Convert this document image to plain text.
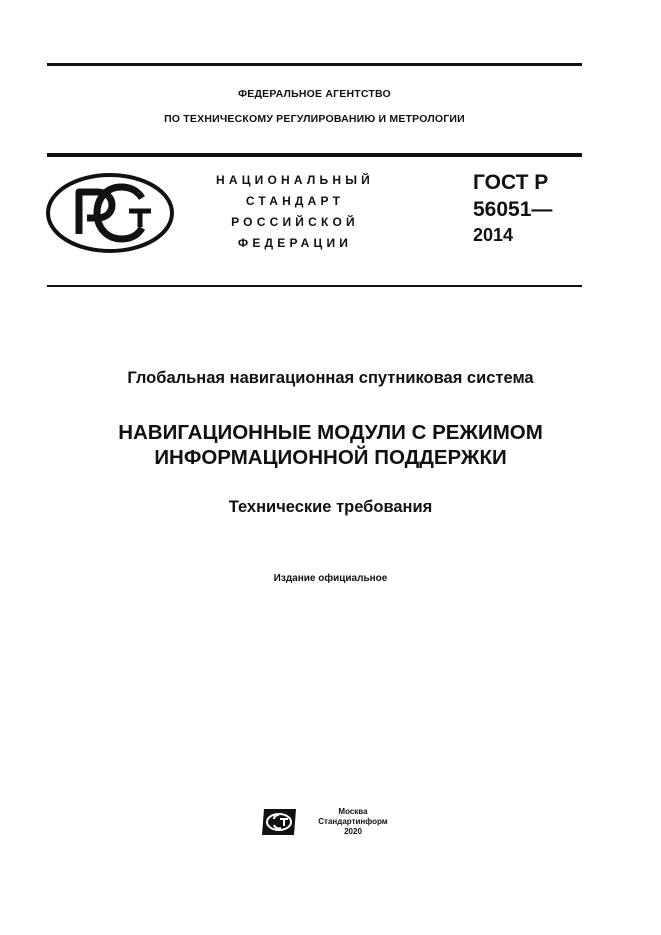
ФЕДЕРАЛЬНОЕ АГЕНТСТВО
ПО ТЕХНИЧЕСКОМУ РЕГУЛИРОВАНИЮ И МЕТРОЛОГИИ
НАЦИОНАЛЬНЫЙ
СТАНДАРТ
РОССИЙСКОЙ
ФЕДЕРАЦИИ
ГОСТ Р
56051—
2014
Глобальная навигационная спутниковая система
НАВИГАЦИОННЫЕ МОДУЛИ С РЕЖИМОМ
ИНФОРМАЦИОННОЙ ПОДДЕРЖКИ
Технические требования
Издание официальное
Москва
Стандартинформ
2020
